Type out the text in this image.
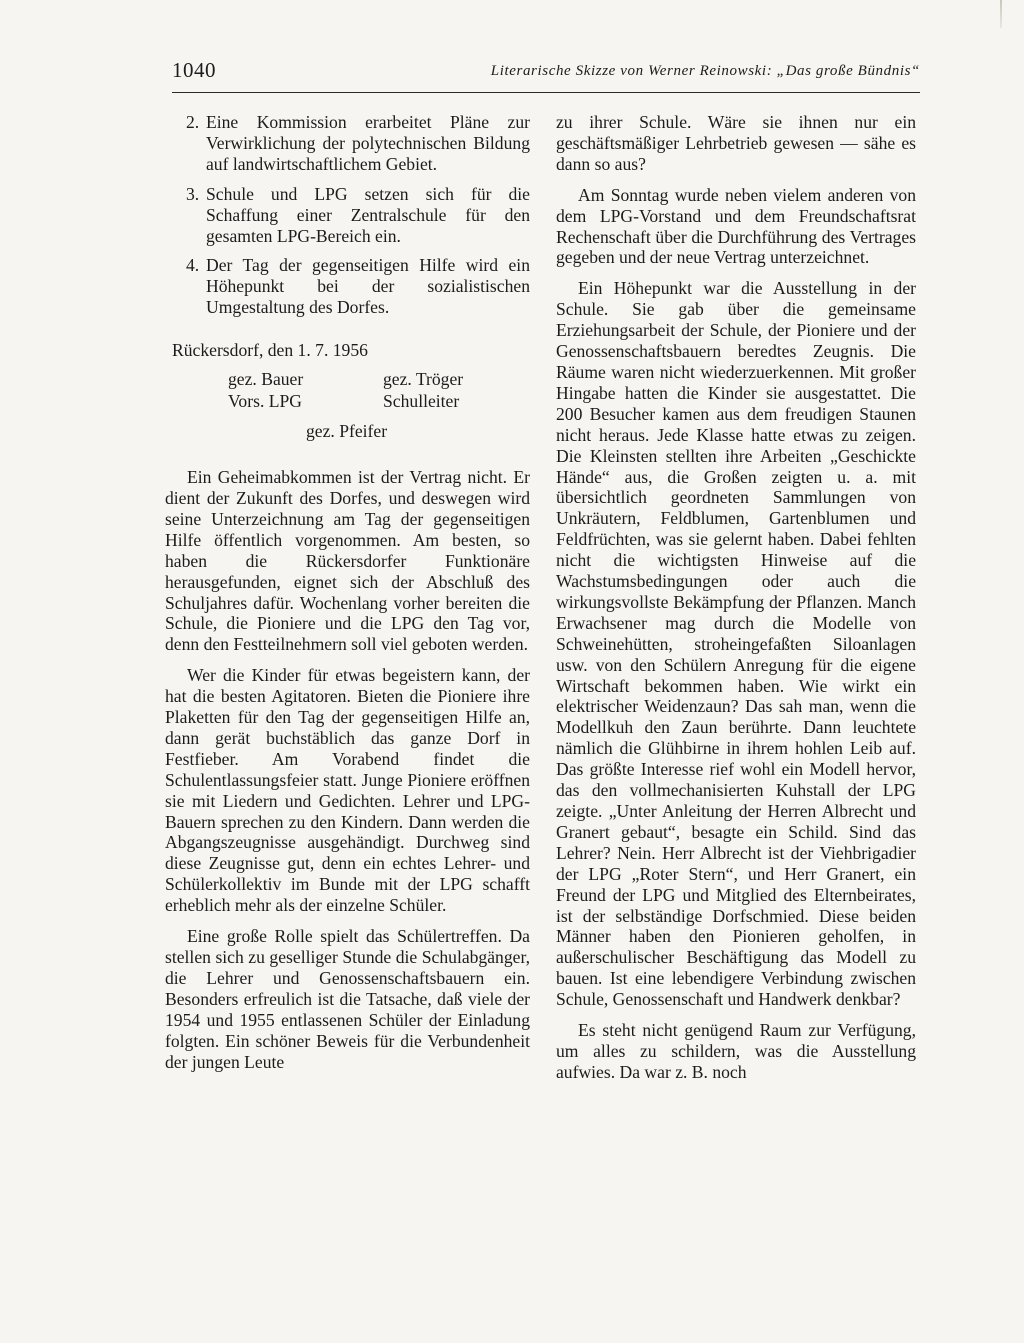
1040	Literarische Skizze von Werner Reinowski: „Das große Bündnis“
2. Eine Kommission erarbeitet Pläne zur Verwirklichung der polytechnischen Bildung auf landwirtschaftlichem Gebiet.
3. Schule und LPG setzen sich für die Schaffung einer Zentralschule für den gesamten LPG-Bereich ein.
4. Der Tag der gegenseitigen Hilfe wird ein Höhepunkt bei der sozialistischen Umgestaltung des Dorfes.
Rückersdorf, den 1. 7. 1956
gez. Bauer	gez. Tröger
Vors. LPG	Schulleiter
gez. Pfeifer

Ein Geheimabkommen ist der Vertrag nicht. Er dient der Zukunft des Dorfes, und deswegen wird seine Unterzeichnung am Tag der gegenseitigen Hilfe öffentlich vorgenommen. Am besten, so haben die Rückersdorfer Funktionäre herausgefunden, eignet sich der Abschluß des Schuljahres dafür. Wochenlang vorher bereiten die Schule, die Pioniere und die LPG den Tag vor, denn den Festteilnehmern soll viel geboten werden.

Wer die Kinder für etwas begeistern kann, der hat die besten Agitatoren. Bieten die Pioniere ihre Plaketten für den Tag der gegenseitigen Hilfe an, dann gerät buchstäblich das ganze Dorf in Festfieber. Am Vorabend findet die Schulentlassungsfeier statt. Junge Pioniere eröffnen sie mit Liedern und Gedichten. Lehrer und LPG-Bauern sprechen zu den Kindern. Dann werden die Abgangszeugnisse ausgehändigt. Durchweg sind diese Zeugnisse gut, denn ein echtes Lehrer- und Schülerkollektiv im Bunde mit der LPG schafft erheblich mehr als der einzelne Schüler.

Eine große Rolle spielt das Schülertreffen. Da stellen sich zu geselliger Stunde die Schulabgänger, die Lehrer und Genossenschaftsbauern ein. Besonders erfreulich ist die Tatsache, daß viele der 1954 und 1955 entlassenen Schüler der Einladung folgten. Ein schöner Beweis für die Verbundenheit der jungen Leute

zu ihrer Schule. Wäre sie ihnen nur ein geschäftsmäßiger Lehrbetrieb gewesen — sähe es dann so aus?

Am Sonntag wurde neben vielem anderen von dem LPG-Vorstand und dem Freundschaftsrat Rechenschaft über die Durchführung des Vertrages gegeben und der neue Vertrag unterzeichnet.

Ein Höhepunkt war die Ausstellung in der Schule. Sie gab über die gemeinsame Erziehungsarbeit der Schule, der Pioniere und der Genossenschaftsbauern beredtes Zeugnis. Die Räume waren nicht wiederzuerkennen. Mit großer Hingabe hatten die Kinder sie ausgestattet. Die 200 Besucher kamen aus dem freudigen Staunen nicht heraus. Jede Klasse hatte etwas zu zeigen. Die Kleinsten stellten ihre Arbeiten „Geschickte Hände“ aus, die Großen zeigten u. a. mit übersichtlich geordneten Sammlungen von Unkräutern, Feldblumen, Gartenblumen und Feldfrüchten, was sie gelernt haben. Dabei fehlten nicht die wichtigsten Hinweise auf die Wachstumsbedingungen oder auch die wirkungsvollste Bekämpfung der Pflanzen. Manch Erwachsener mag durch die Modelle von Schweinehütten, stroheingefaßten Siloanlagen usw. von den Schülern Anregung für die eigene Wirtschaft bekommen haben. Wie wirkt ein elektrischer Weidenzaun? Das sah man, wenn die Modellkuh den Zaun berührte. Dann leuchtete nämlich die Glühbirne in ihrem hohlen Leib auf. Das größte Interesse rief wohl ein Modell hervor, das den vollmechanisierten Kuhstall der LPG zeigte. „Unter Anleitung der Herren Albrecht und Granert gebaut“, besagte ein Schild. Sind das Lehrer? Nein. Herr Albrecht ist der Viehbrigadier der LPG „Roter Stern“, und Herr Granert, ein Freund der LPG und Mitglied des Elternbeirates, ist der selbständige Dorfschmied. Diese beiden Männer haben den Pionieren geholfen, in außerschulischer Beschäftigung das Modell zu bauen. Ist eine lebendigere Verbindung zwischen Schule, Genossenschaft und Handwerk denkbar?

Es steht nicht genügend Raum zur Verfügung, um alles zu schildern, was die Ausstellung aufwies. Da war z. B. noch
